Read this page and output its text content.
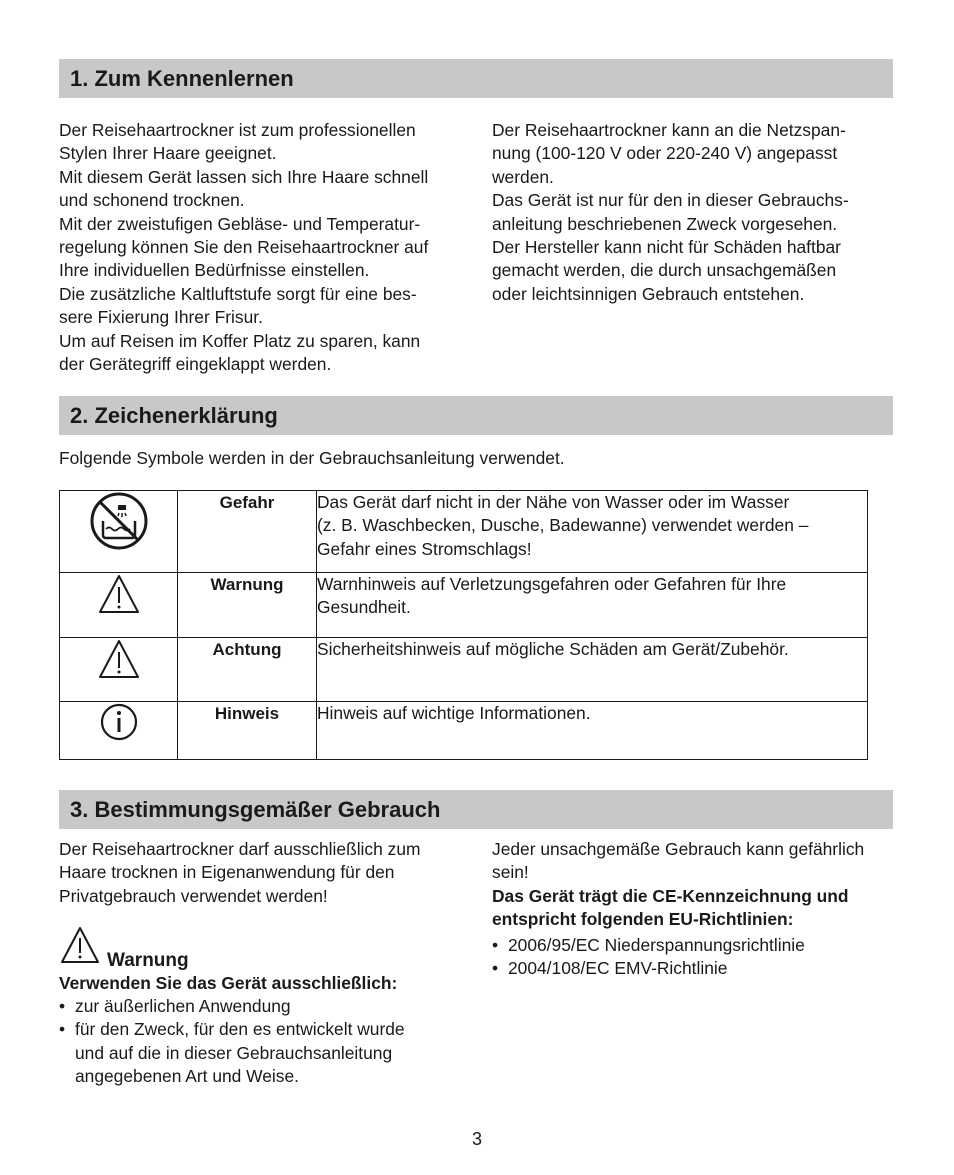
1. Zum Kennenlernen

Der Reisehaartrockner ist zum professionellen

Stylen Ihrer Haare geeignet.

Mit diesem Gerät lassen sich Ihre Haare schnell

und schonend trocknen.

Mit der zweistufigen Gebläse- und Temperatur-

regelung können Sie den Reisehaartrockner auf

Ihre individuellen Bedürfnisse einstellen.

Die zusätzliche Kaltluftstufe sorgt für eine bes-

sere Fixierung Ihrer Frisur.

Um auf Reisen im Koffer Platz zu sparen, kann

der Gerätegriff eingeklappt werden.

Der Reisehaartrockner kann an die Netzspan-

nung (100-120 V oder 220-240 V) angepasst

werden.

Das Gerät ist nur für den in dieser Gebrauchs-

anleitung beschriebenen Zweck vorgesehen.

Der Hersteller kann nicht für Schäden haftbar

gemacht werden, die durch unsachgemäßen

oder leichtsinnigen Gebrauch entstehen.

2. Zeichenerklärung
Folgende Symbole werden in der Gebrauchsanleitung verwendet.
	Gefahr	Das Gerät darf nicht in der Nähe von Wasser oder im Wasser
(z. B. Waschbecken, Dusche, Badewanne) verwendet werden –
Gefahr eines Stromschlags!

	Warnung	Warnhinweis auf Verletzungsgefahren oder Gefahren für Ihre
Gesundheit.

	Achtung	Sicherheitshinweis auf mögliche Schäden am Gerät/Zubehör.

	Hinweis	Hinweis auf wichtige Informationen.
3. Bestimmungsgemäßer Gebrauch

Der Reisehaartrockner darf ausschließlich zum

Haare trocknen in Eigenanwendung für den

Privatgebrauch verwendet werden!

Warnung

Verwenden Sie das Gerät ausschließlich:

• zur äußerlichen Anwendung
• für den Zweck, für den es entwickelt wurde
und auf die in dieser Gebrauchsanleitung
angegebenen Art und Weise.

Jeder unsachgemäße Gebrauch kann gefährlich

sein!

Das Gerät trägt die CE-Kennzeichnung und

entspricht folgenden EU-Richtlinien:

• 2006/95/EC Niederspannungsrichtlinie
• 2004/108/EC EMV-Richtlinie
3
